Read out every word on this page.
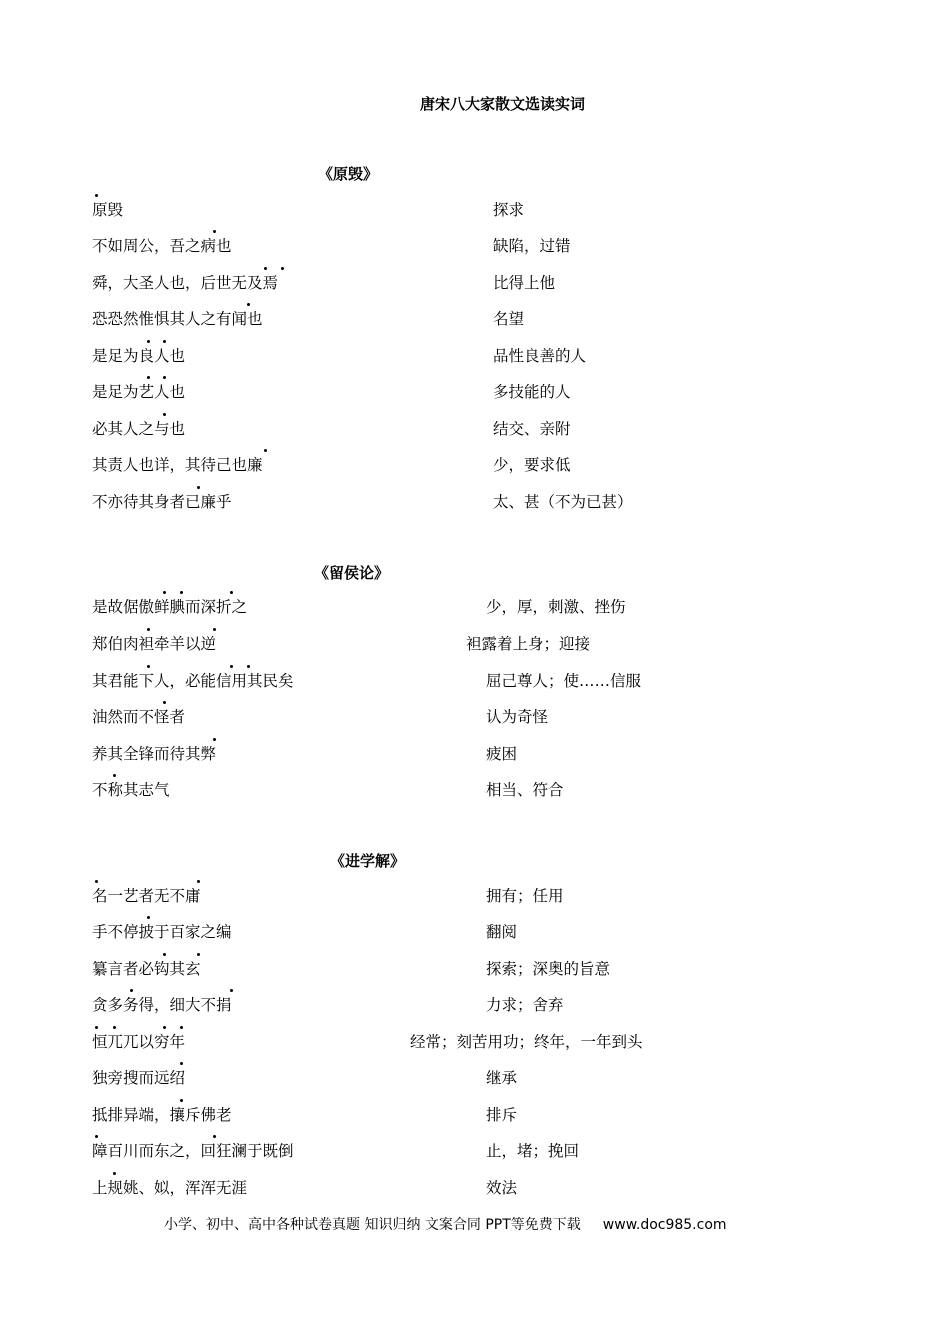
唐宋八大家散文选读实词
《原毁》
原毁	探求
不如周公，吾之病也	缺陷，过错
舜，大圣人也，后世无及焉	比得上他
恐恐然惟惧其人之有闻也	名望
是足为良人也	品性良善的人
是足为艺人也	多技能的人
必其人之与也	结交、亲附
其责人也详，其待己也廉	少，要求低
不亦待其身者已廉乎	太、甚（不为已甚）
《留侯论》
是故倨傲鲜腆而深折之	少，厚，刺激、挫伤
郑伯肉袒牵羊以逆	袒露着上身；迎接
其君能下人，必能信用其民矣	屈己尊人；使……信服
油然而不怪者	认为奇怪
养其全锋而待其弊	疲困
不称其志气	相当、符合
《进学解》
名一艺者无不庸	拥有；任用
手不停披于百家之编	翻阅
纂言者必钩其玄	探索；深奥的旨意
贪多务得，细大不捐	力求；舍弃
恒兀兀以穷年	经常；刻苦用功；终年，一年到头
独旁搜而远绍	继承
抵排异端，攘斥佛老	排斥
障百川而东之，回狂澜于既倒	止，堵；挽回
上规姚、姒，浑浑无涯	效法
小学、初中、高中各种试卷真题 知识归纳 文案合同 PPT等免费下载 www.doc985.com
